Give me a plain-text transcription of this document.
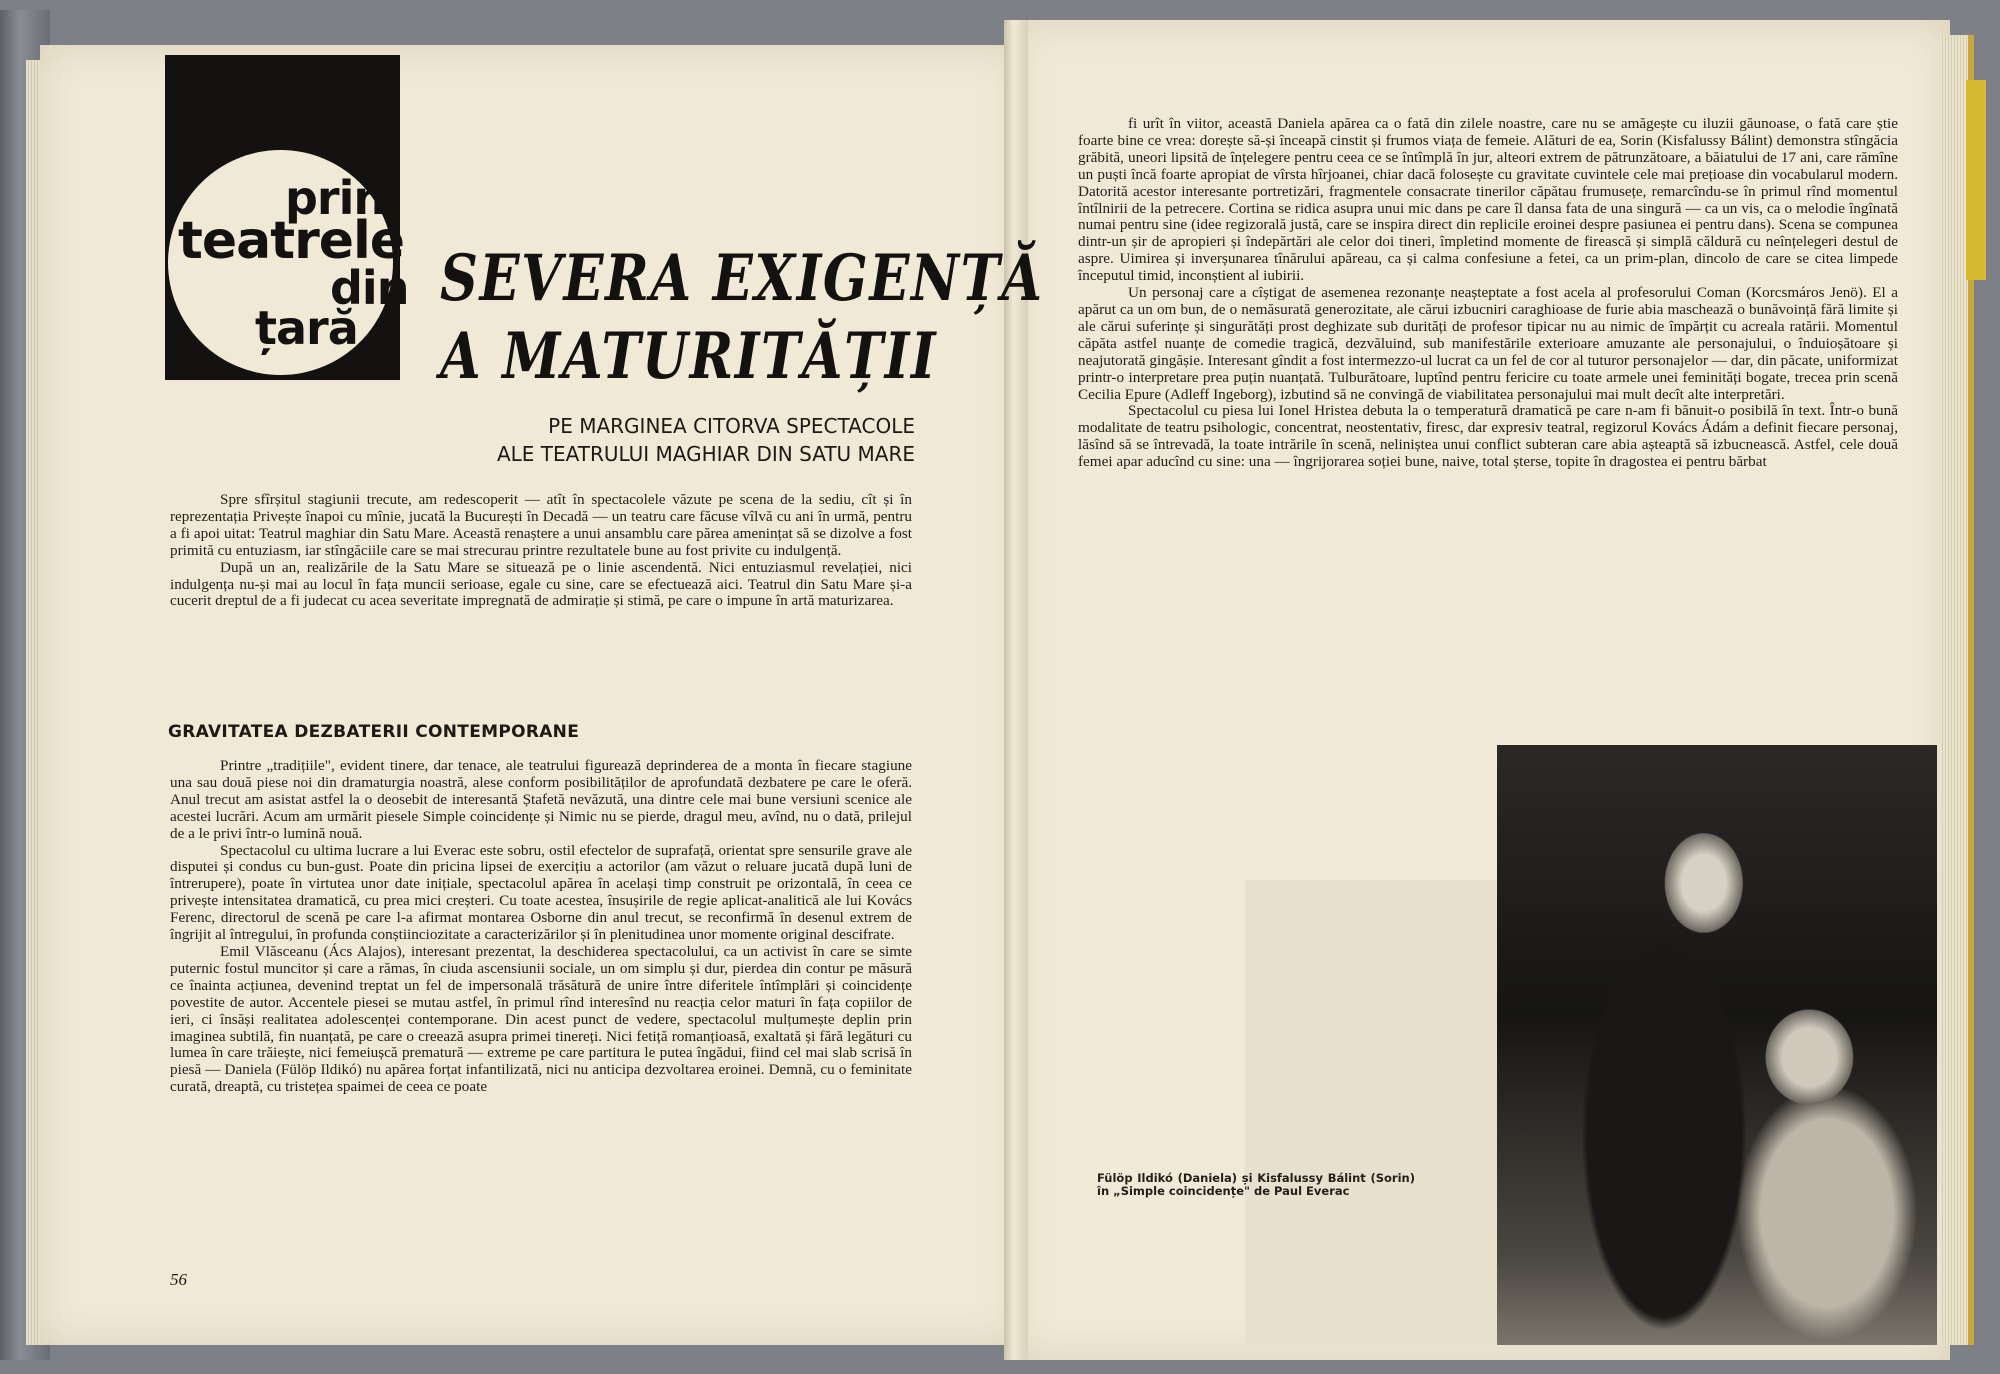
prin
teatrele
din
țară
SEVERA EXIGENȚĂ
A MATURITĂȚII
PE MARGINEA CITORVA SPECTACOLE
ALE TEATRULUI MAGHIAR DIN SATU MARE

Spre sfîrșitul stagiunii trecute, am redescoperit — atît în spectacolele văzute pe scena de la sediu, cît și în reprezentația Privește înapoi cu mînie, jucată la București în Decadă — un teatru care făcuse vîlvă cu ani în urmă, pentru a fi apoi uitat: Teatrul maghiar din Satu Mare. Această renaștere a unui ansamblu care părea amenințat să se dizolve a fost primită cu entuziasm, iar stîngăciile care se mai strecurau printre rezultatele bune au fost privite cu indulgență.

După un an, realizările de la Satu Mare se situează pe o linie ascendentă. Nici entuziasmul revelației, nici indulgența nu-și mai au locul în fața muncii serioase, egale cu sine, care se efectuează aici. Teatrul din Satu Mare și-a cucerit dreptul de a fi judecat cu acea severitate impregnată de admirație și stimă, pe care o impune în artă maturizarea.

GRAVITATEA DEZBATERII CONTEMPORANE

Printre „tradițiile", evident tinere, dar tenace, ale teatrului figurează deprinderea de a monta în fiecare stagiune una sau două piese noi din dramaturgia noastră, alese conform posibilităților de aprofundată dezbatere pe care le oferă. Anul trecut am asistat astfel la o deosebit de interesantă Ștafetă nevăzută, una dintre cele mai bune versiuni scenice ale acestei lucrări. Acum am urmărit piesele Simple coincidențe și Nimic nu se pierde, dragul meu, avînd, nu o dată, prilejul de a le privi într-o lumină nouă.

Spectacolul cu ultima lucrare a lui Everac este sobru, ostil efectelor de suprafață, orientat spre sensurile grave ale disputei și condus cu bun-gust. Poate din pricina lipsei de exercițiu a actorilor (am văzut o reluare jucată după luni de întrerupere), poate în virtutea unor date inițiale, spectacolul apărea în același timp construit pe orizontală, în ceea ce privește intensitatea dramatică, cu prea mici creșteri. Cu toate acestea, însușirile de regie aplicat-analitică ale lui Kovács Ferenc, directorul de scenă pe care l-a afirmat montarea Osborne din anul trecut, se reconfirmă în desenul extrem de îngrijit al întregului, în profunda conștiinciozitate a caracterizărilor și în plenitudinea unor momente original descifrate.

Emil Vlăsceanu (Ács Alajos), interesant prezentat, la deschiderea spectacolului, ca un activist în care se simte puternic fostul muncitor și care a rămas, în ciuda ascensiunii sociale, un om simplu și dur, pierdea din contur pe măsură ce înainta acțiunea, devenind treptat un fel de impersonală trăsătură de unire între diferitele întîmplări și coincidențe povestite de autor. Accentele piesei se mutau astfel, în primul rînd interesînd nu reacția celor maturi în fața copiilor de ieri, ci însăși realitatea adolescenței contemporane. Din acest punct de vedere, spectacolul mulțumește deplin prin imaginea subtilă, fin nuanțată, pe care o creează asupra primei tinereți. Nici fetiță romanțioasă, exaltată și fără legături cu lumea în care trăiește, nici femeiușcă prematură — extreme pe care partitura le putea îngădui, fiind cel mai slab scrisă în piesă — Daniela (Fülöp Ildikó) nu apărea forțat infantilizată, nici nu anticipa dezvoltarea eroinei. Demnă, cu o feminitate curată, dreaptă, cu tristețea spaimei de ceea ce poate

56

fi urît în viitor, această Daniela apărea ca o fată din zilele noastre, care nu se amăgește cu iluzii găunoase, o fată care știe foarte bine ce vrea: dorește să-și înceapă cinstit și frumos viața de femeie. Alături de ea, Sorin (Kisfalussy Bálint) demonstra stîngăcia grăbită, uneori lipsită de înțelegere pentru ceea ce se întîmplă în jur, alteori extrem de pătrunzătoare, a băiatului de 17 ani, care rămîne un puști încă foarte apropiat de vîrsta hîrjoanei, chiar dacă folosește cu gravitate cuvintele cele mai prețioase din vocabularul modern. Datorită acestor interesante portretizări, fragmentele consacrate tinerilor căpătau frumusețe, remarcîndu-se în primul rînd momentul întîlnirii de la petrecere. Cortina se ridica asupra unui mic dans pe care îl dansa fata de una singură — ca un vis, ca o melodie îngînată numai pentru sine (idee regizorală justă, care se inspira direct din replicile eroinei despre pasiunea ei pentru dans). Scena se compunea dintr-un șir de apropieri și îndepărtări ale celor doi tineri, împletind momente de firească și simplă căldură cu neînțelegeri destul de aspre. Uimirea și inverșunarea tînărului apăreau, ca și calma confesiune a fetei, ca un prim-plan, dincolo de care se citea limpede începutul timid, inconștient al iubirii.

Un personaj care a cîștigat de asemenea rezonanțe neașteptate a fost acela al profesorului Coman (Korcsmáros Jenö). El a apărut ca un om bun, de o nemăsurată generozitate, ale cărui izbucniri caraghioase de furie abia maschează o bunăvoință fără limite și ale cărui suferințe și singurătăți prost deghizate sub durități de profesor tipicar nu au nimic de împărțit cu acreala ratării. Momentul căpăta astfel nuanțe de comedie tragică, dezvăluind, sub manifestările exterioare amuzante ale personajului, o înduioșătoare și neajutorată gingășie. Interesant gîndit a fost intermezzo-ul lucrat ca un fel de cor al tuturor personajelor — dar, din păcate, uniformizat printr-o interpretare prea puțin nuanțată. Tulburătoare, luptînd pentru fericire cu toate armele unei feminități bogate, trecea prin scenă Cecilia Epure (Adleff Ingeborg), izbutind să ne convingă de viabilitatea personajului mai mult decît alte interpretări.

Spectacolul cu piesa lui Ionel Hristea debuta la o temperatură dramatică pe care n-am fi bănuit-o posibilă în text. Într-o bună modalitate de teatru psihologic, concentrat, neostentativ, firesc, dar expresiv teatral, regizorul Kovács Ádám a definit fiecare personaj, lăsînd să se întrevadă, la toate intrările în scenă, neliniștea unui conflict subteran care abia așteaptă să izbucnească. Astfel, cele două femei apar aducînd cu sine: una — îngrijorarea soției bune, naive, total șterse, topite în dragostea ei pentru bărbat

Fülöp Ildikó (Daniela) și Kisfalussy Bálint (Sorin) în „Simple coincidențe" de Paul Everac
